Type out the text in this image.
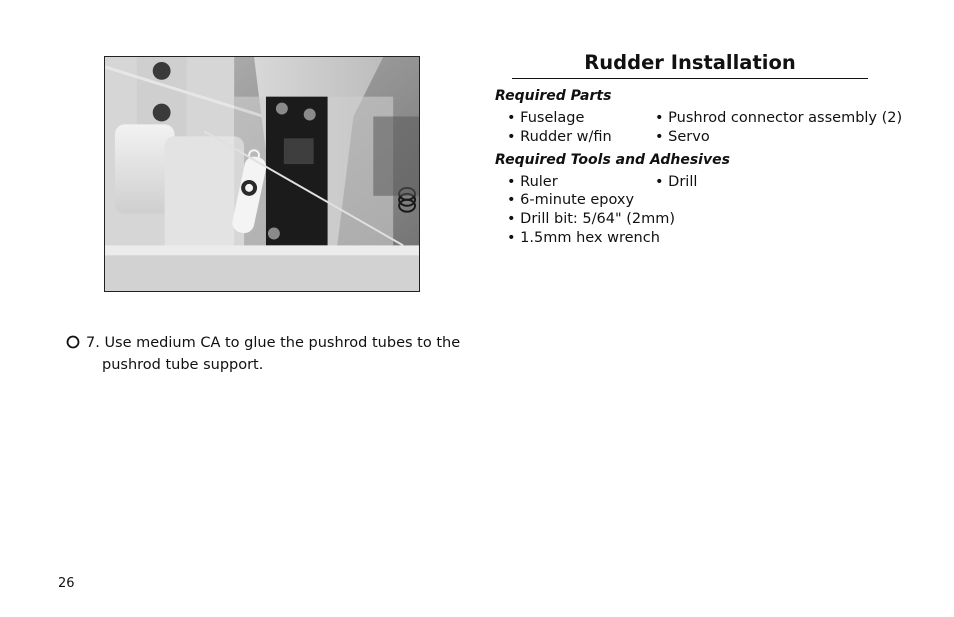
7. Use medium CA to glue the pushrod tubes to the
pushrod tube support.
Rudder Installation
Required Parts
• Fuselage	• Pushrod connector assembly (2)
• Rudder w/fin	• Servo
Required Tools and Adhesives
• Ruler	• Drill
• 6-minute epoxy
• Drill bit: 5/64" (2mm)
• 1.5mm hex wrench
26
